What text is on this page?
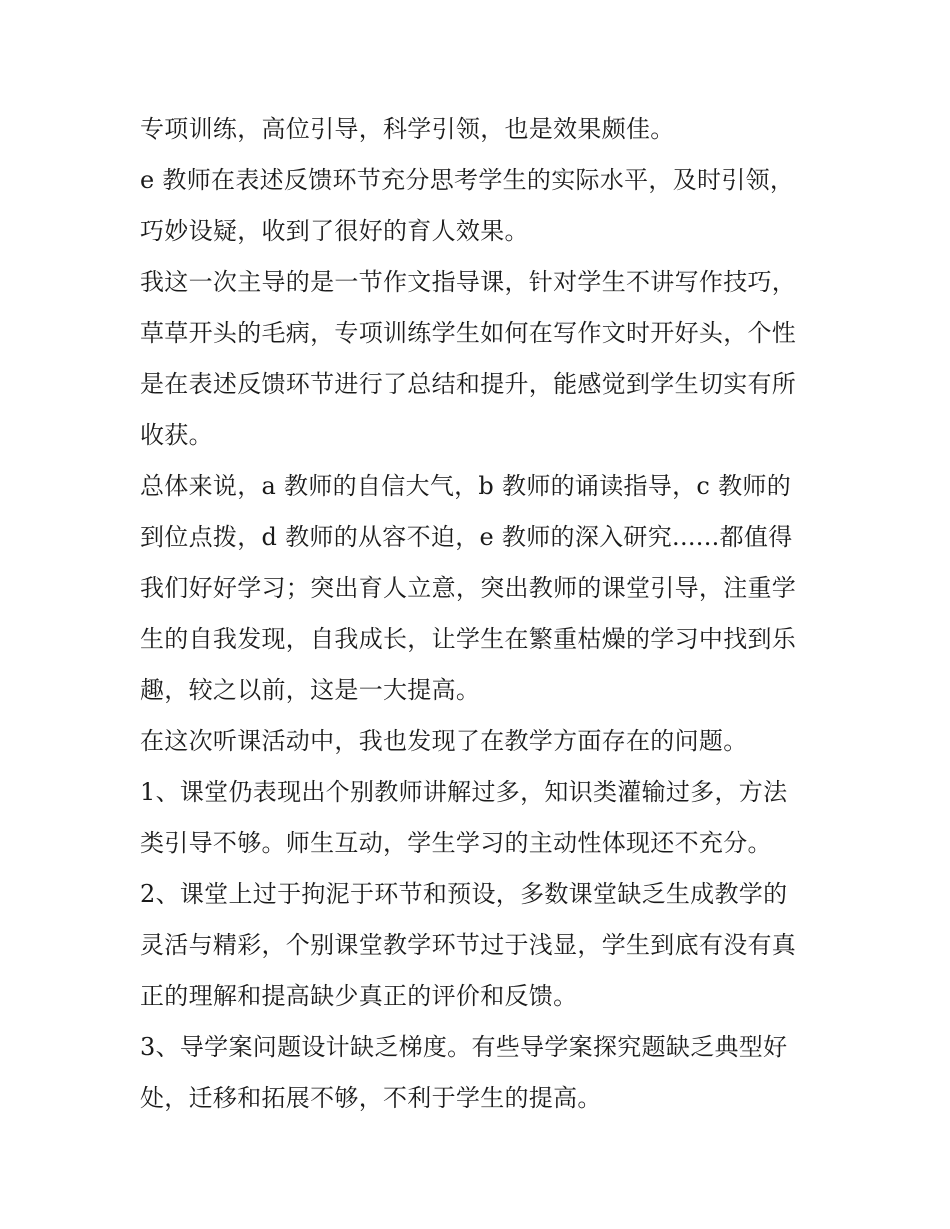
专项训练，高位引导，科学引领，也是效果颇佳。
e 教师在表述反馈环节充分思考学生的实际水平，及时引领，
巧妙设疑，收到了很好的育人效果。
我这一次主导的是一节作文指导课，针对学生不讲写作技巧，
草草开头的毛病，专项训练学生如何在写作文时开好头，个性
是在表述反馈环节进行了总结和提升，能感觉到学生切实有所
收获。
总体来说，a 教师的自信大气，b 教师的诵读指导，c 教师的
到位点拨，d 教师的从容不迫，e 教师的深入研究......都值得
我们好好学习；突出育人立意，突出教师的课堂引导，注重学
生的自我发现，自我成长，让学生在繁重枯燥的学习中找到乐
趣，较之以前，这是一大提高。
在这次听课活动中，我也发现了在教学方面存在的问题。
1、课堂仍表现出个别教师讲解过多，知识类灌输过多，方法
类引导不够。师生互动，学生学习的主动性体现还不充分。
2、课堂上过于拘泥于环节和预设，多数课堂缺乏生成教学的
灵活与精彩，个别课堂教学环节过于浅显，学生到底有没有真
正的理解和提高缺少真正的评价和反馈。
3、导学案问题设计缺乏梯度。有些导学案探究题缺乏典型好
处，迁移和拓展不够，不利于学生的提高。
